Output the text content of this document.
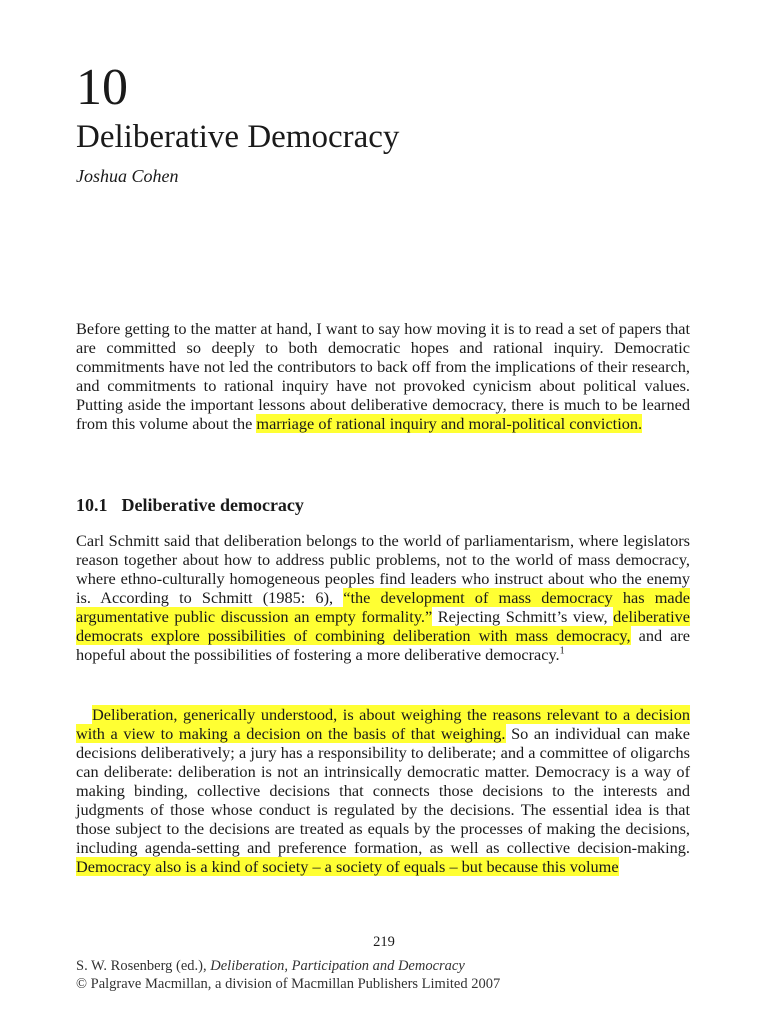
10
Deliberative Democracy
Joshua Cohen

Before getting to the matter at hand, I want to say how moving it is to read a set of papers that are committed so deeply to both democratic hopes and rational inquiry. Democratic commitments have not led the contributors to back off from the implications of their research, and commitments to rational inquiry have not provoked cynicism about political values. Putting aside the important lessons about deliberative democracy, there is much to be learned from this volume about the marriage of rational inquiry and moral-political conviction.

10.1 Deliberative democracy

Carl Schmitt said that deliberation belongs to the world of parliamentarism, where legislators reason together about how to address public problems, not to the world of mass democracy, where ethno-culturally homogeneous peoples find leaders who instruct about who the enemy is. According to Schmitt (1985: 6), “the development of mass democracy has made argumentative public discussion an empty formality.” Rejecting Schmitt’s view, deliberative democrats explore possibilities of combining deliberation with mass democracy, and are hopeful about the possibilities of fostering a more deliberative democracy.$^1$

Deliberation, generically understood, is about weighing the reasons relevant to a decision with a view to making a decision on the basis of that weighing. So an individual can make decisions deliberatively; a jury has a responsibility to deliberate; and a committee of oligarchs can deliberate: deliberation is not an intrinsically democratic matter. Democracy is a way of making binding, collective decisions that connects those decisions to the interests and judgments of those whose conduct is regulated by the decisions. The essential idea is that those subject to the decisions are treated as equals by the processes of making the decisions, including agenda-setting and preference formation, as well as collective decision-making. Democracy also is a kind of society – a society of equals – but because this volume

219
S. W. Rosenberg (ed.), Deliberation, Participation and Democracy
© Palgrave Macmillan, a division of Macmillan Publishers Limited 2007
